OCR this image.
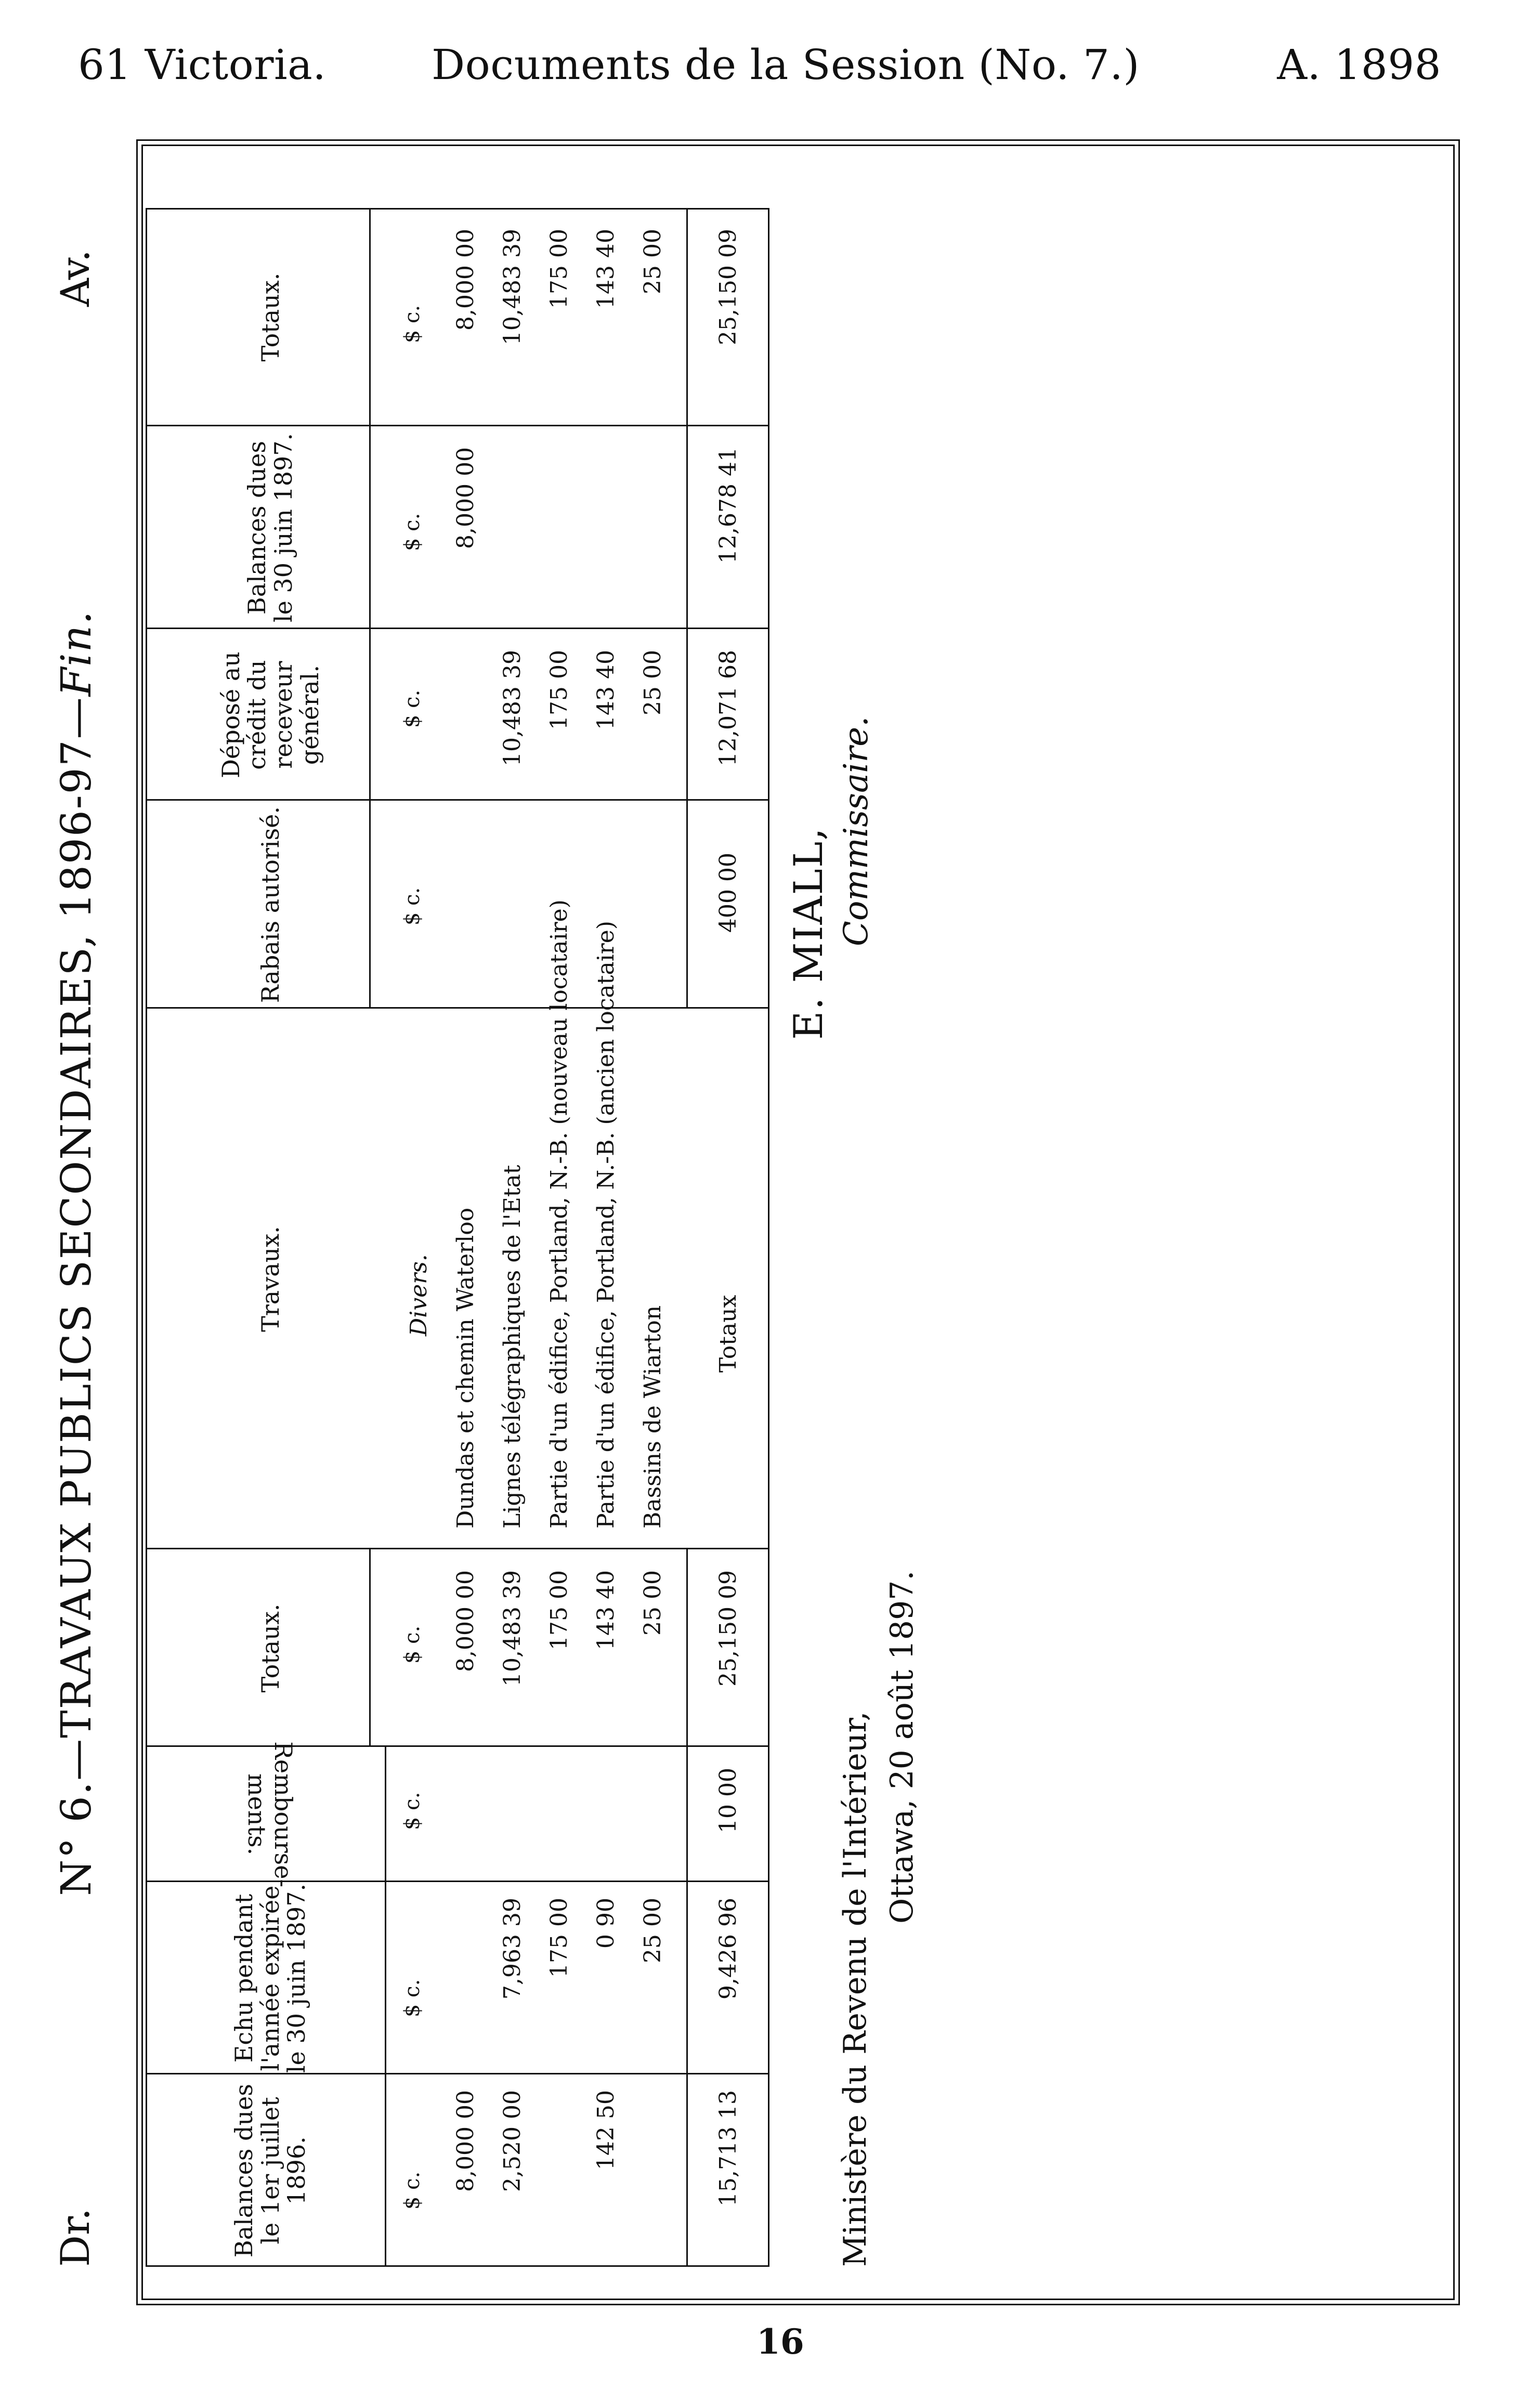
61 Victoria.	Documents de la Session (No. 7.)	A. 1898
Dr.
N° 6.—TRAVAUX PUBLICS SECONDAIRES, 1896-97—Fin.
Av.
Balances dues le 1er juillet 1896.
Echu pendant l'année expirée le 30 juin 1897.
Rembourse-ments.
Totaux.
Travaux.
Rabais autorisé.
Déposé au crédit du receveur général.
Balances dues le 30 juin 1897.
Totaux.
$ c.
$ c.
$ c.
$ c.
$ c.
$ c.
$ c.
$ c.
Divers.
8,000 00
8,000 00
Dundas et chemin Waterloo
8,000 00
8,000 00
2,520 00
7,963 39
10,483 39
Lignes télégraphiques de l'Etat
10,483 39
10,483 39
175 00
175 00
Partie d'un édifice, Portland, N.-B. (nouveau locataire)
175 00
175 00
142 50
0 90
143 40
Partie d'un édifice, Portland, N.-B. (ancien locataire)
143 40
143 40
25 00
25 00
Bassins de Wiarton
25 00
25 00
15,713 13
9,426 96
10 00
25,150 09
Totaux
400 00
12,071 68
12,678 41
25,150 09
Ministère du Revenu de l'Intérieur, Ottawa, 20 août 1897.
E. MIALL, Commissaire.
16
